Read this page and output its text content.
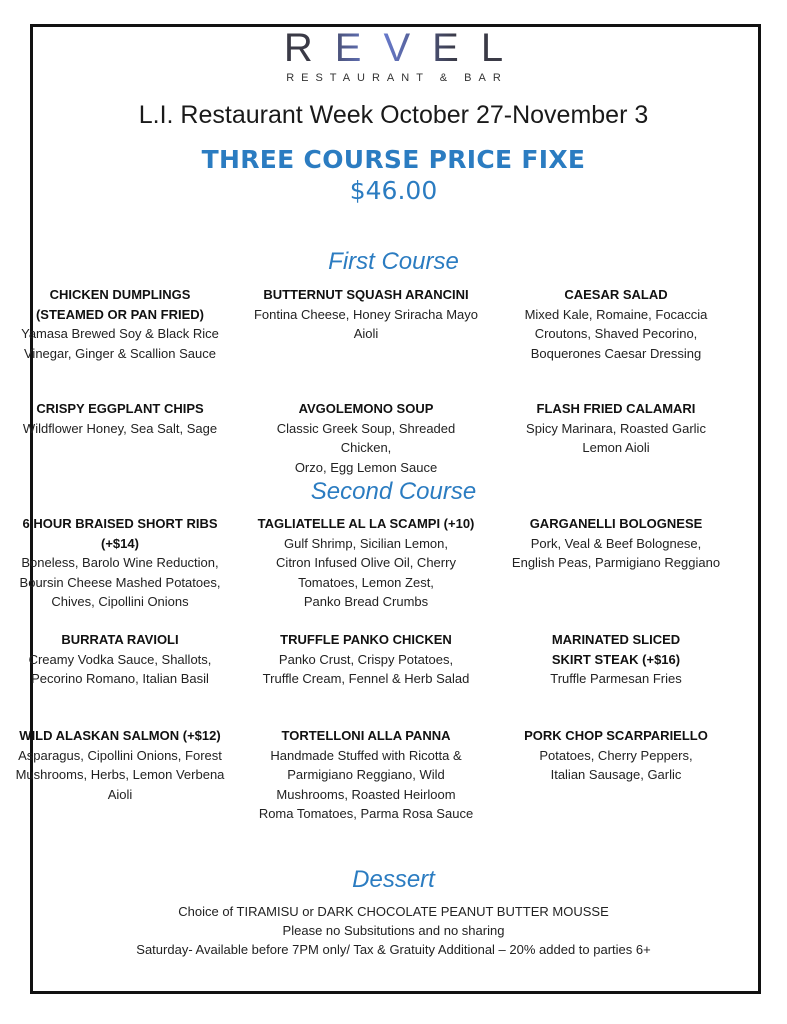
REVEL
RESTAURANT & BAR
L.I. Restaurant Week October 27-November 3
THREE COURSE PRICE FIXE
$46.00
First Course
CHICKEN DUMPLINGS
(STEAMED OR PAN FRIED)
Yamasa Brewed Soy & Black Rice
Vinegar, Ginger & Scallion Sauce
BUTTERNUT SQUASH ARANCINI
Fontina Cheese, Honey Sriracha Mayo Aioli
CAESAR SALAD
Mixed Kale, Romaine, Focaccia
Croutons, Shaved Pecorino,
Boquerones Caesar Dressing
CRISPY EGGPLANT CHIPS
Wildflower Honey, Sea Salt, Sage
AVGOLEMONO SOUP
Classic Greek Soup, Shreaded Chicken,
Orzo, Egg Lemon Sauce
FLASH FRIED CALAMARI
Spicy Marinara, Roasted Garlic
Lemon Aioli
Second Course
6 HOUR BRAISED SHORT RIBS (+$14)
Boneless, Barolo Wine Reduction,
Boursin Cheese Mashed Potatoes,
Chives, Cipollini Onions
TAGLIATELLE AL LA SCAMPI (+10)
Gulf Shrimp, Sicilian Lemon,
Citron Infused Olive Oil, Cherry
Tomatoes, Lemon Zest,
Panko Bread Crumbs
GARGANELLI BOLOGNESE
Pork, Veal & Beef Bolognese,
English Peas, Parmigiano Reggiano
BURRATA RAVIOLI
Creamy Vodka Sauce, Shallots,
Pecorino Romano, Italian Basil
TRUFFLE PANKO CHICKEN
Panko Crust, Crispy Potatoes,
Truffle Cream, Fennel & Herb Salad
MARINATED SLICED
SKIRT STEAK (+$16)
Truffle Parmesan Fries
WILD ALASKAN SALMON (+$12)
Asparagus, Cipollini Onions, Forest
Mushrooms, Herbs, Lemon Verbena
Aioli
TORTELLONI ALLA PANNA
Handmade Stuffed with Ricotta &
Parmigiano Reggiano, Wild
Mushrooms, Roasted Heirloom
Roma Tomatoes, Parma Rosa Sauce
PORK CHOP SCARPARIELLO
Potatoes, Cherry Peppers,
Italian Sausage, Garlic
Dessert
Choice of TIRAMISU or DARK CHOCOLATE PEANUT BUTTER MOUSSE
Please no Subsitutions and no sharing
Saturday- Available before 7PM only/ Tax & Gratuity Additional – 20% added to parties 6+
